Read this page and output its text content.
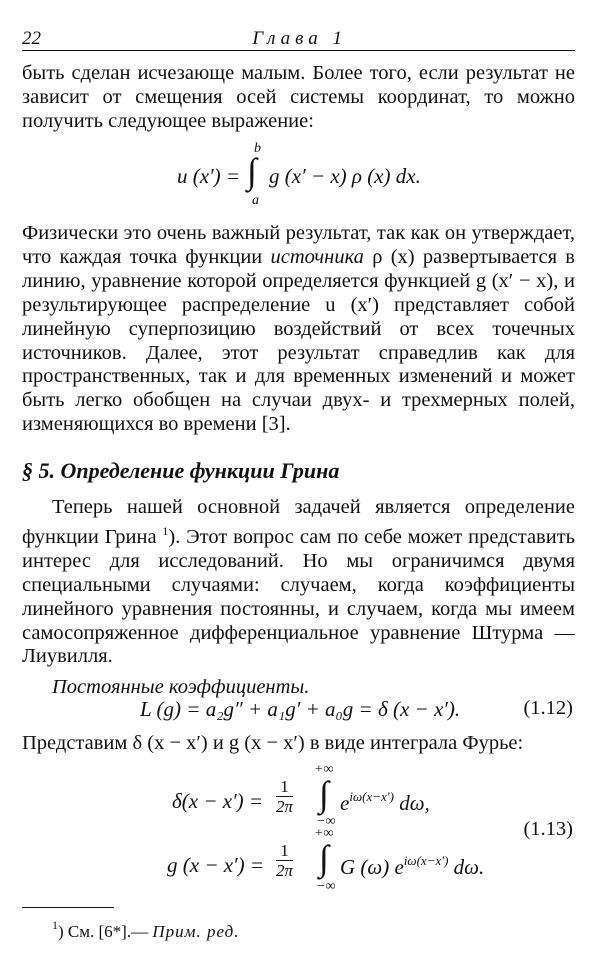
22	Глава 1
быть сделан исчезающе малым. Более того, если результат не зависит от смещения осей системы координат, то можно получить следующее выражение:
u (x′) = ∫
b
a
g (x′ − x) ρ (x) dx.
Физически это очень важный результат, так как он утверждает, что каждая точка функции источника ρ (x) развертывается в линию, уравнение которой определяется функцией g (x′ − x), и результирующее распределение u (x′) представляет собой линейную суперпозицию воздействий от всех точечных источников. Далее, этот результат справедлив как для пространственных, так и для временных изменений и может быть легко обобщен на случаи двух- и трехмерных полей, изменяющихся во времени [3].
§ 5. Определение функции Грина
Теперь нашей основной задачей является определение функции Грина $^1$). Этот вопрос сам по себе может представить интерес для исследований. Но мы ограничимся двумя специальными случаями: случаем, когда коэффициенты линейного уравнения постоянны, и случаем, когда мы имеем самосопряженное дифференциальное уравнение Штурма — Лиувилля.
Постоянные коэффициенты.
L (g) = a₂g″ + a₁g′ + a₀g = δ (x − x′).	(1.12)
Представим δ (x − x′) и g (x − x′) в виде интеграла Фурье:
$\delta(x - x') = \frac{1}{2\pi}$
+∞
∫
−∞
$e^{i\omega(x-x')}$ dω,
(1.13)
g $(x - x') = \frac{1}{2\pi}$
+∞
∫
−∞
G (ω) $e^{i\omega(x-x')}$ dω.
$^1$) См. [6*].— Прим. ред.
